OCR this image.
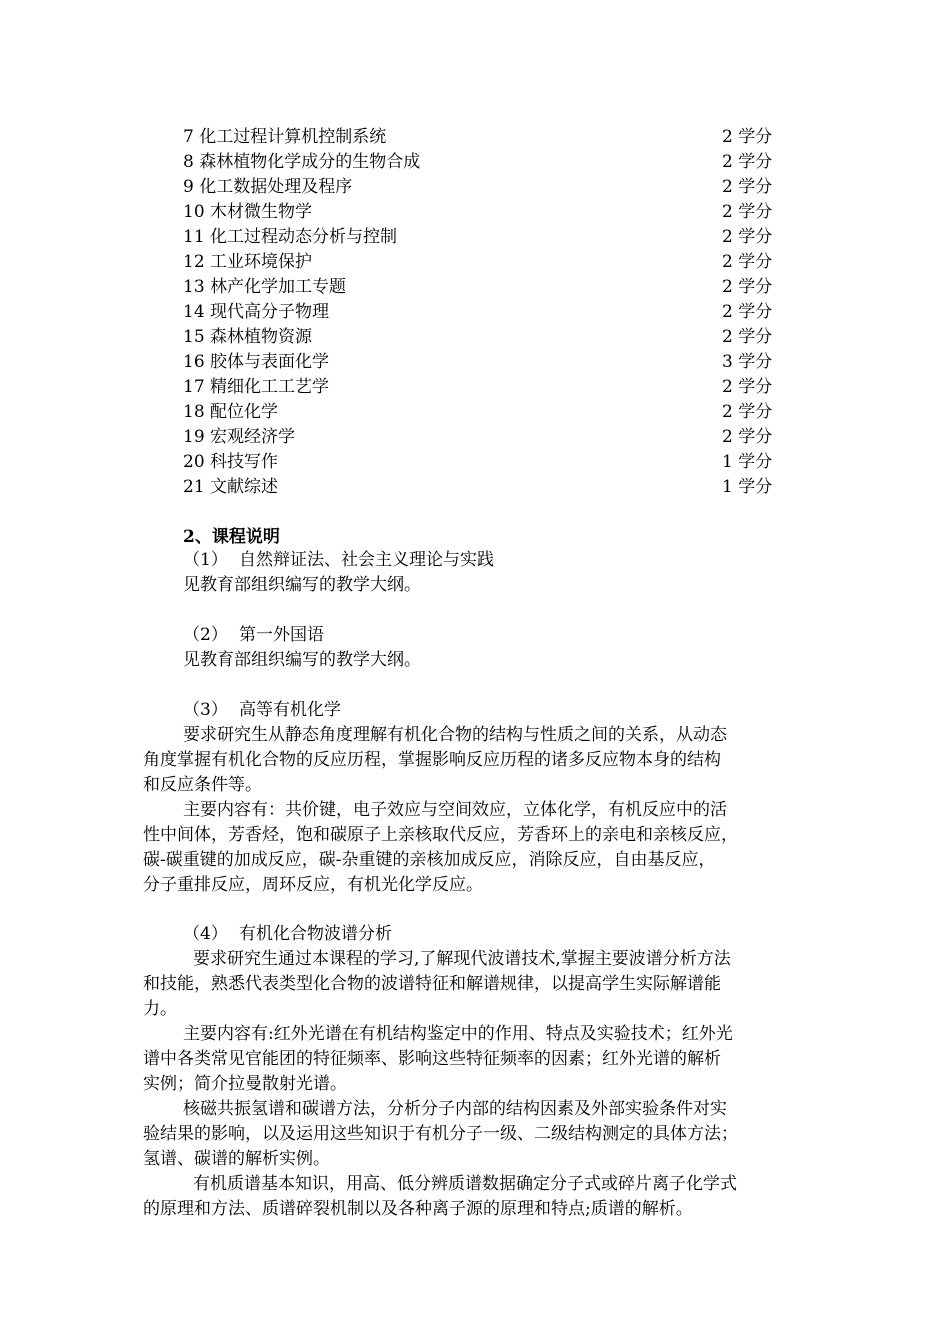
7 化工过程计算机控制系统	2 学分
8 森林植物化学成分的生物合成	2 学分
9 化工数据处理及程序	2 学分
10 木材微生物学	2 学分
11 化工过程动态分析与控制	2 学分
12 工业环境保护	2 学分
13 林产化学加工专题	2 学分
14 现代高分子物理	2 学分
15 森林植物资源	2 学分
16 胶体与表面化学	3 学分
17 精细化工工艺学	2 学分
18 配位化学	2 学分
19 宏观经济学	2 学分
20 科技写作	1 学分
21 文献综述	1 学分
2、课程说明
（1） 自然辩证法、社会主义理论与实践
见教育部组织编写的教学大纲。
（2） 第一外国语
见教育部组织编写的教学大纲。
（3） 高等有机化学
要求研究生从静态角度理解有机化合物的结构与性质之间的关系，从动态
角度掌握有机化合物的反应历程，掌握影响反应历程的诸多反应物本身的结构
和反应条件等。
主要内容有：共价键，电子效应与空间效应，立体化学，有机反应中的活
性中间体，芳香烃，饱和碳原子上亲核取代反应，芳香环上的亲电和亲核反应，
碳-碳重键的加成反应，碳-杂重键的亲核加成反应，消除反应，自由基反应，
分子重排反应，周环反应，有机光化学反应。
（4） 有机化合物波谱分析
要求研究生通过本课程的学习,了解现代波谱技术,掌握主要波谱分析方法
和技能，熟悉代表类型化合物的波谱特征和解谱规律，以提高学生实际解谱能
力。
主要内容有:红外光谱在有机结构鉴定中的作用、特点及实验技术；红外光
谱中各类常见官能团的特征频率、影响这些特征频率的因素；红外光谱的解析
实例；简介拉曼散射光谱。
核磁共振氢谱和碳谱方法，分析分子内部的结构因素及外部实验条件对实
验结果的影响，以及运用这些知识于有机分子一级、二级结构测定的具体方法；
氢谱、碳谱的解析实例。
有机质谱基本知识，用高、低分辨质谱数据确定分子式或碎片离子化学式
的原理和方法、质谱碎裂机制以及各种离子源的原理和特点;质谱的解析。
